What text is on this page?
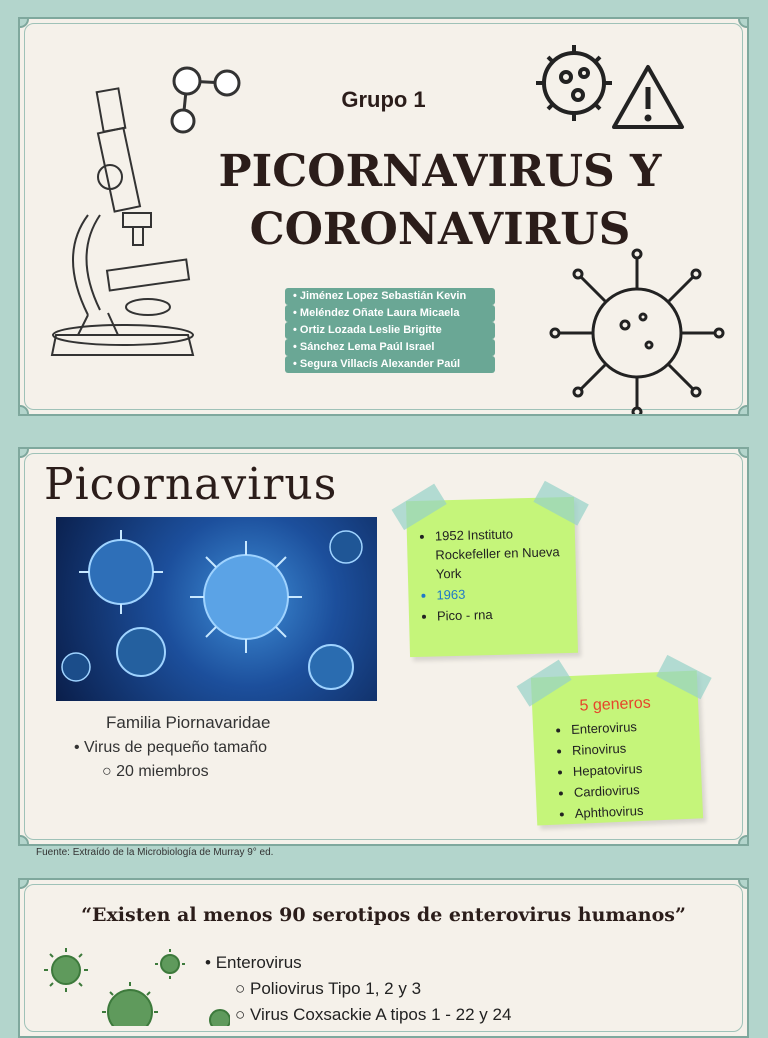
Grupo 1
PICORNAVIRUS Y
CORONAVIRUS
• Jiménez Lopez Sebastián Kevin
• Meléndez Oñate Laura Micaela
• Ortiz Lozada Leslie Brigitte
• Sánchez Lema Paúl Israel
• Segura Villacís Alexander Paúl
Picornavirus
Familia Piornavaridae
• Virus de pequeño tamaño
○ 20 miembros
• 1952 Instituto Rockefeller en Nueva York
• 1963
• Pico - rna
5 generos
• Enterovirus
• Rinovirus
• Hepatovirus
• Cardiovirus
• Aphthovirus
Fuente: Extraído de la Microbiología de Murray 9° ed.
“Existen al menos 90 serotipos de enterovirus humanos”
• Enterovirus
○ Poliovirus Tipo 1, 2 y 3
○ Virus Coxsackie A tipos 1 - 22 y 24
